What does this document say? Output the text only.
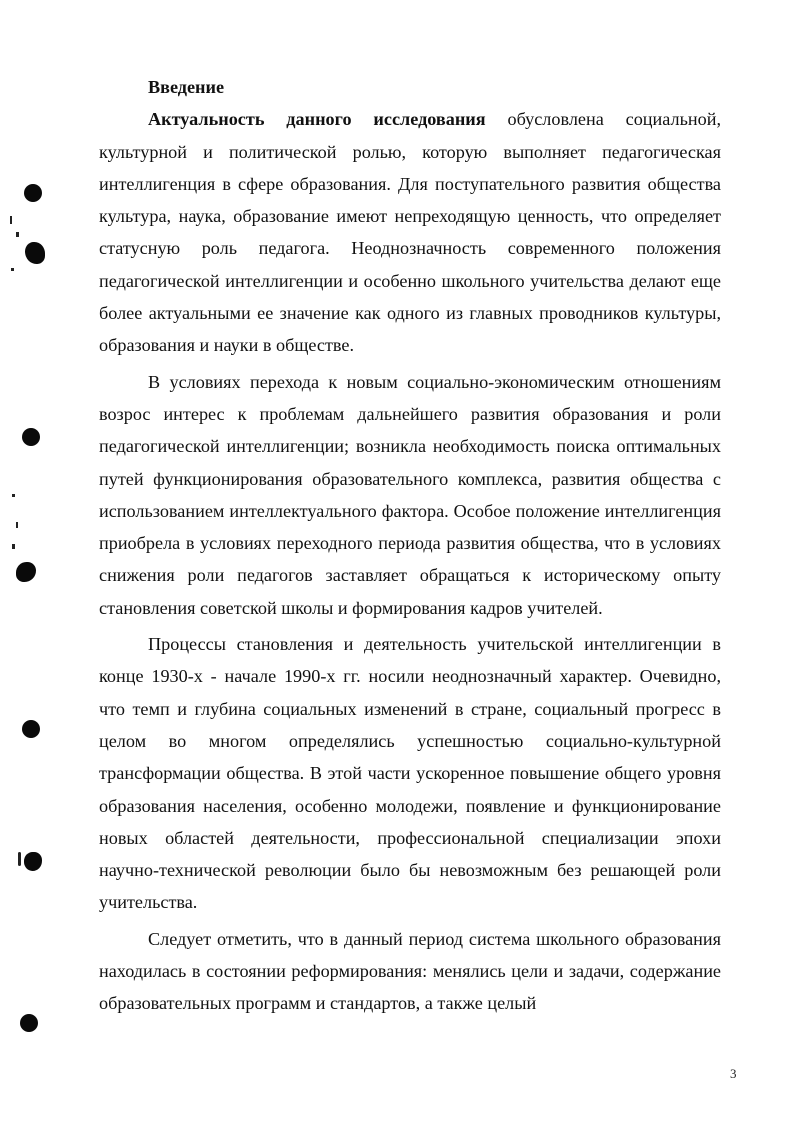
Введение

Актуальность данного исследования обусловлена социальной, культурной и политической ролью, которую выполняет педагогическая интеллигенция в сфере образования. Для поступательного развития общества культура, наука, образование имеют непреходящую ценность, что определяет статусную роль педагога. Неоднозначность современного положения педагогической интеллигенции и особенно школьного учительства делают еще более актуальными ее значение как одного из главных проводников культуры, образования и науки в обществе.

В условиях перехода к новым социально-экономическим отношениям возрос интерес к проблемам дальнейшего развития образования и роли педагогической интеллигенции; возникла необходимость поиска оптимальных путей функционирования образовательного комплекса, развития общества с использованием интеллектуального фактора. Особое положение интеллигенция приобрела в условиях переходного периода развития общества, что в условиях снижения роли педагогов заставляет обращаться к историческому опыту становления советской школы и формирования кадров учителей.

Процессы становления и деятельность учительской интеллигенции в конце 1930-х - начале 1990-х гг. носили неоднозначный характер. Очевидно, что темп и глубина социальных изменений в стране, социальный прогресс в целом во многом определялись успешностью социально-культурной трансформации общества. В этой части ускоренное повышение общего уровня образования населения, особенно молодежи, появление и функционирование новых областей деятельности, профессиональной специализации эпохи научно-технической революции было бы невозможным без решающей роли учительства.

Следует отметить, что в данный период система школьного образования находилась в состоянии реформирования: менялись цели и задачи, содержание образовательных программ и стандартов, а также целый

3
